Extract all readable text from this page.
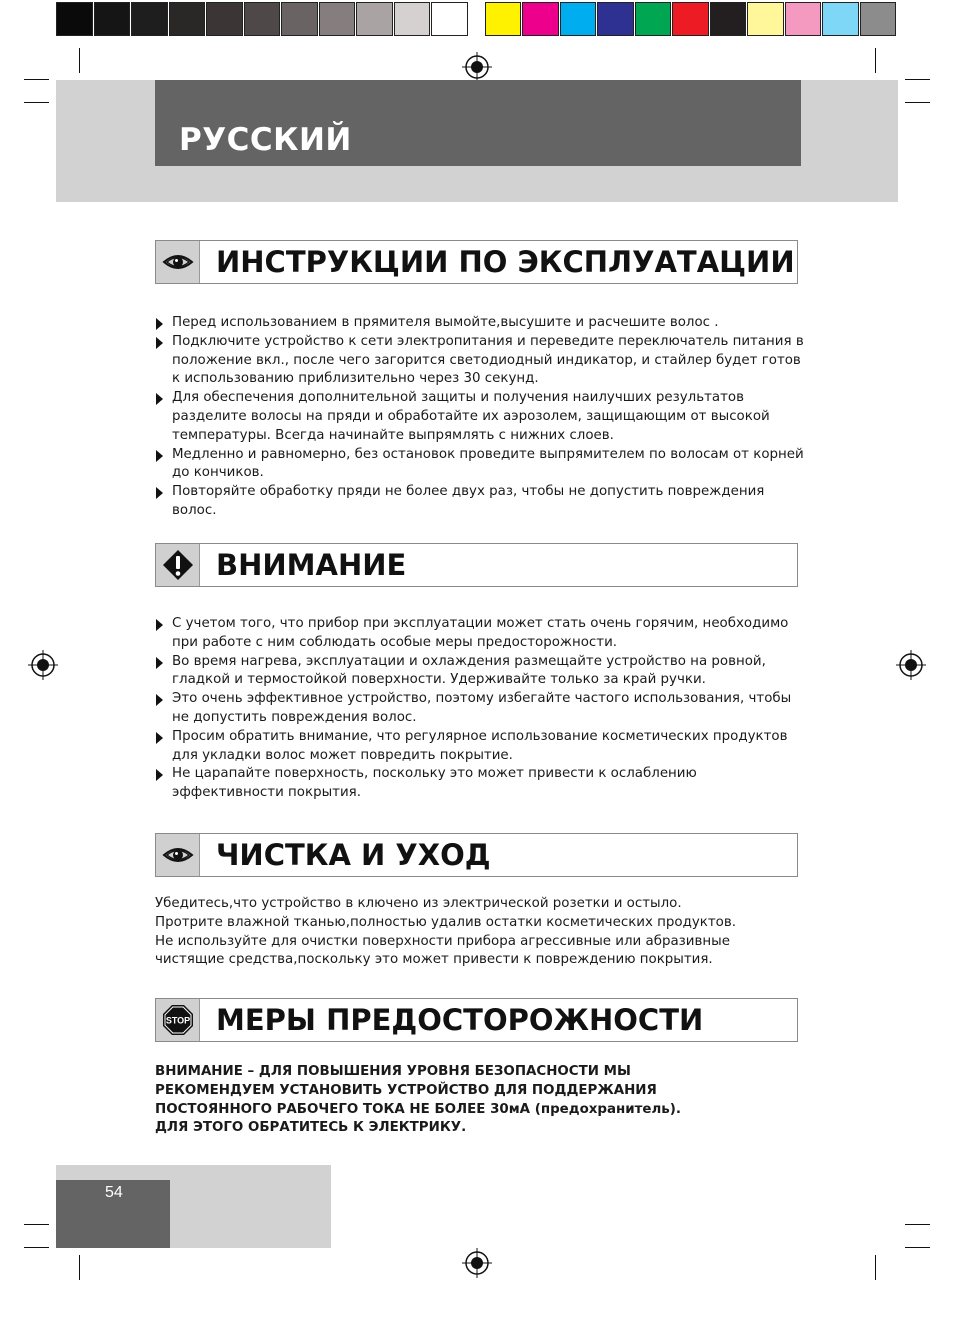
РУССКИЙ
ИНСТРУКЦИИ ПО ЭКСПЛУАТАЦИИ
Перед использованием в прямителя вымойте,высушите и расчешите волос .
Подключите устройство к сети электропитания и переведите переключатель питания в положение вкл., после чего загорится светодиодный индикатор, и стайлер будет готов к использованию приблизительно через 30 секунд.
Для обеспечения дополнительной защиты и получения наилучших результатов разделите волосы на пряди и обработайте их аэрозолем, защищающим от высокой температуры. Всегда начинайте выпрямлять с нижних слоев.
Медленно и равномерно, без остановок проведите выпрямителем по волосам от корней до кончиков.
Повторяйте обработку пряди не более двух раз, чтобы не допустить повреждения волос.
ВНИМАНИЕ
С учетом того, что прибор при эксплуатации может стать очень горячим, необходимо при работе с ним соблюдать особые меры предосторожности.
Во время нагрева, эксплуатации и охлаждения размещайте устройство на ровной, гладкой и термостойкой поверхности. Удерживайте только за край ручки.
Это очень эффективное устройство, поэтому избегайте частого использования, чтобы не допустить повреждения волос.
Просим обратить внимание, что регулярное использование косметических продуктов для укладки волос может повредить покрытие.
Не царапайте поверхность, поскольку это может привести к ослаблению эффективности покрытия.
ЧИСТКА И УХОД

Убедитесь,что устройство в ключено из электрической розетки и остыло.

Протрите влажной тканью,полностью удалив остатки косметических продуктов.

Не используйте для очистки поверхности прибора агрессивные или абразивные

чистящие средства,поскольку это может привести к повреждению покрытия.

STOP МЕРЫ ПРЕДОСТОРОЖНОСТИ

ВНИМАНИЕ – ДЛЯ ПОВЫШЕНИЯ УРОВНЯ БЕЗОПАСНОСТИ МЫ

РЕКОМЕНДУЕМ УСТАНОВИТЬ УСТРОЙСТВО ДЛЯ ПОДДЕРЖАНИЯ

ПОСТОЯННОГО РАБОЧЕГО ТОКА НЕ БОЛЕЕ 30мА (предохранитель).

ДЛЯ ЭТОГО ОБРАТИТЕСЬ К ЭЛЕКТРИКУ.

54
